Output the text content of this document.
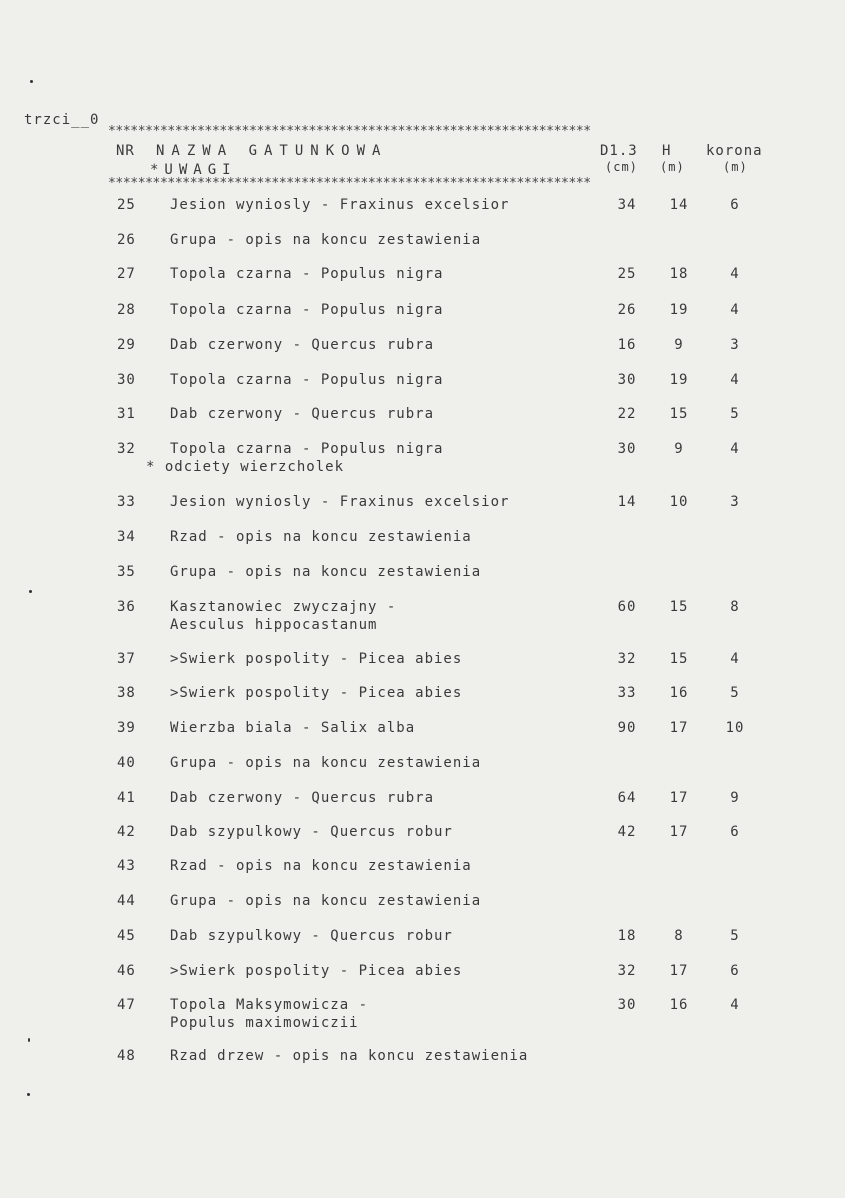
trzci__0
*****************************************************************
NR NAZWA GATUNKOWA
*UWAGI
D1.3 H korona
(cm) (m)	(m)
*****************************************************************
25 Jesion wyniosly - Fraxinus excelsior	34	14	6
26 Grupa - opis na koncu zestawienia
27 Topola czarna - Populus nigra	25	18	4
28 Topola czarna - Populus nigra	26	19	4
29 Dab czerwony - Quercus rubra	16	9	3
30 Topola czarna - Populus nigra	30	19	4
31 Dab czerwony - Quercus rubra	22	15	5
32 Topola czarna - Populus nigra	30	9	4
* odciety wierzcholek
33 Jesion wyniosly - Fraxinus excelsior	14	10	3
34 Rzad - opis na koncu zestawienia
35 Grupa - opis na koncu zestawienia
36 Kasztanowiec zwyczajny -	60	15	8
Aesculus hippocastanum
37 >Swierk pospolity - Picea abies	32	15	4
38 >Swierk pospolity - Picea abies	33	16	5
39 Wierzba biala - Salix alba	90	17	10
40 Grupa - opis na koncu zestawienia
41 Dab czerwony - Quercus rubra	64	17	9
42 Dab szypulkowy - Quercus robur	42	17	6
43 Rzad - opis na koncu zestawienia
44 Grupa - opis na koncu zestawienia
45 Dab szypulkowy - Quercus robur	18	8	5
46 >Swierk pospolity - Picea abies	32	17	6
47 Topola Maksymowicza -	30	16	4
Populus maximowiczii
48 Rzad drzew - opis na koncu zestawienia
